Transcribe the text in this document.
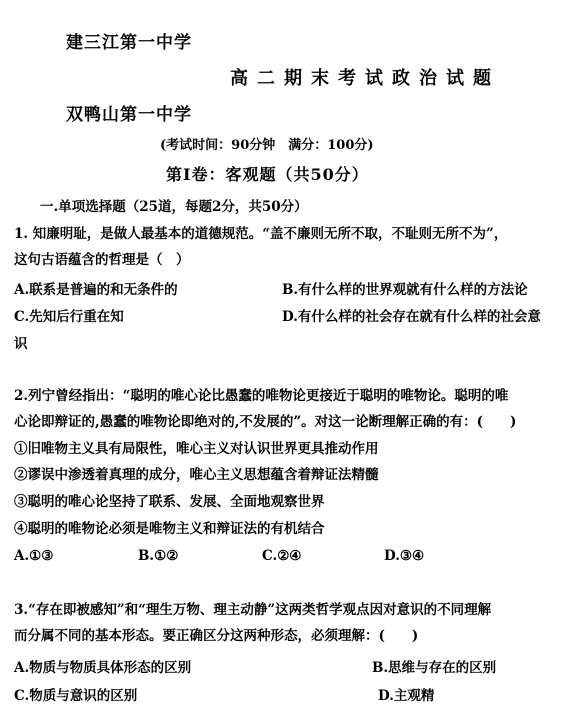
建三江第一中学
高二期末考试政治试题
双鸭山第一中学
(考试时间：90分钟　满分：100分)
第Ⅰ卷：客观题（共50分）
一.单项选择题（25道，每题2分，共50分）
1. 知廉明耻，是做人最基本的道德规范。“盖不廉则无所不取，不耻则无所不为”，
这句古语蕴含的哲理是（　）
A.联系是普遍的和无条件的	B.有什么样的世界观就有什么样的方法论
C.先知后行重在知	D.有什么样的社会存在就有什么样的社会意
识
2.列宁曾经指出：“聪明的唯心论比愚蠢的唯物论更接近于聪明的唯物论。聪明的唯
心论即辩证的,愚蠢的唯物论即绝对的,不发展的”。对这一论断理解正确的有：(　　)
①旧唯物主义具有局限性，唯心主义对认识世界更具推动作用
②谬误中渗透着真理的成分，唯心主义思想蕴含着辩证法精髓
③聪明的唯心论坚持了联系、发展、全面地观察世界
④聪明的唯物论必须是唯物主义和辩证法的有机结合
A.①③	B.①②	C.②④	D.③④
3.“存在即被感知”和“理生万物、理主动静”这两类哲学观点因对意识的不同理解
而分属不同的基本形态。要正确区分这两种形态，必须理解：(　　)
A.物质与物质具体形态的区别	B.思维与存在的区别
C.物质与意识的区别	D.主观精
